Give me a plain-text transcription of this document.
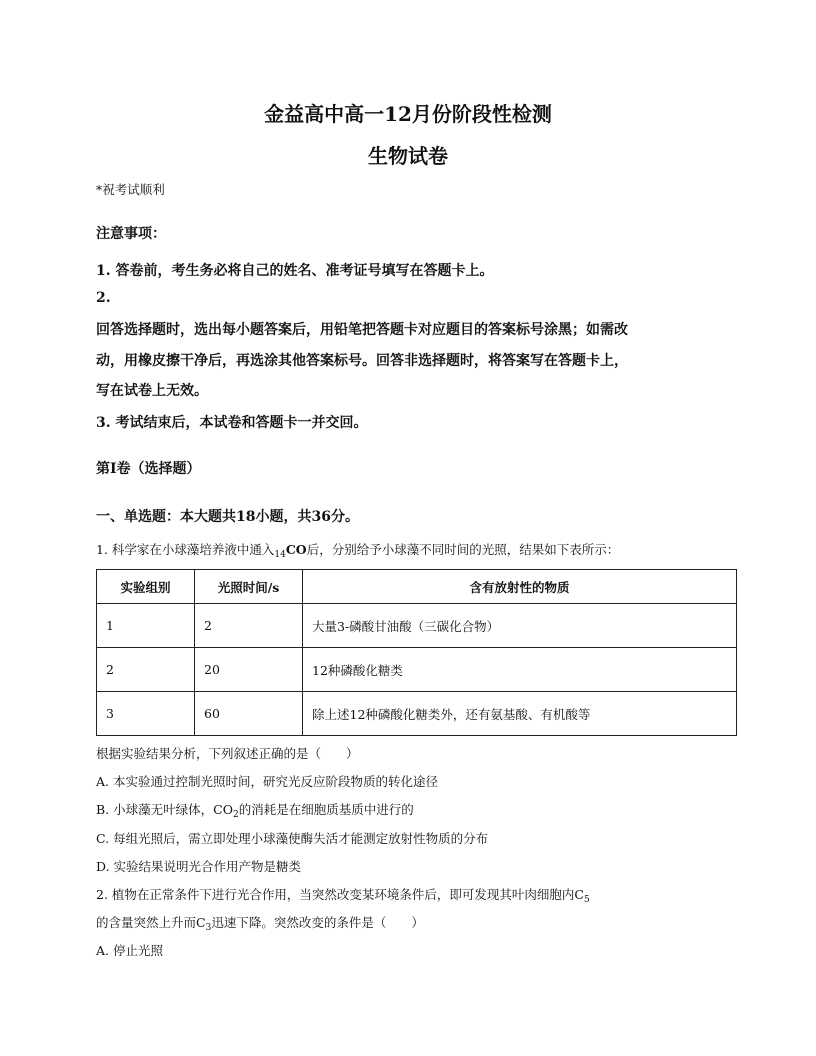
金益高中高一12月份阶段性检测
生物试卷
*祝考试顺利
注意事项：
1. 答卷前，考生务必将自己的姓名、准考证号填写在答题卡上。
2.
回答选择题时，选出每小题答案后，用铅笔把答题卡对应题目的答案标号涂黑；如需改
动，用橡皮擦干净后，再选涂其他答案标号。回答非选择题时，将答案写在答题卡上，
写在试卷上无效。
3. 考试结束后，本试卷和答题卡一并交回。
第Ⅰ卷（选择题）
一、单选题：本大题共18小题，共36分。
1. 科学家在小球藻培养液中通入$_{14}$CO后，分别给予小球藻不同时间的光照，结果如下表所示：
实验组别	光照时间/s	含有放射性的物质
1	2	大量3-磷酸甘油酸（三碳化合物）
2	20	12种磷酸化糖类
3	60	除上述12种磷酸化糖类外，还有氨基酸、有机酸等
根据实验结果分析，下列叙述正确的是（　　）
A. 本实验通过控制光照时间，研究光反应阶段物质的转化途径
B. 小球藻无叶绿体，$CO_2$的消耗是在细胞质基质中进行的
C. 每组光照后，需立即处理小球藻使酶失活才能测定放射性物质的分布
D. 实验结果说明光合作用产物是糖类
2. 植物在正常条件下进行光合作用，当突然改变某环境条件后，即可发现其叶肉细胞内$C_5$
的含量突然上升而$C_3$迅速下降。突然改变的条件是（　　）
A. 停止光照
